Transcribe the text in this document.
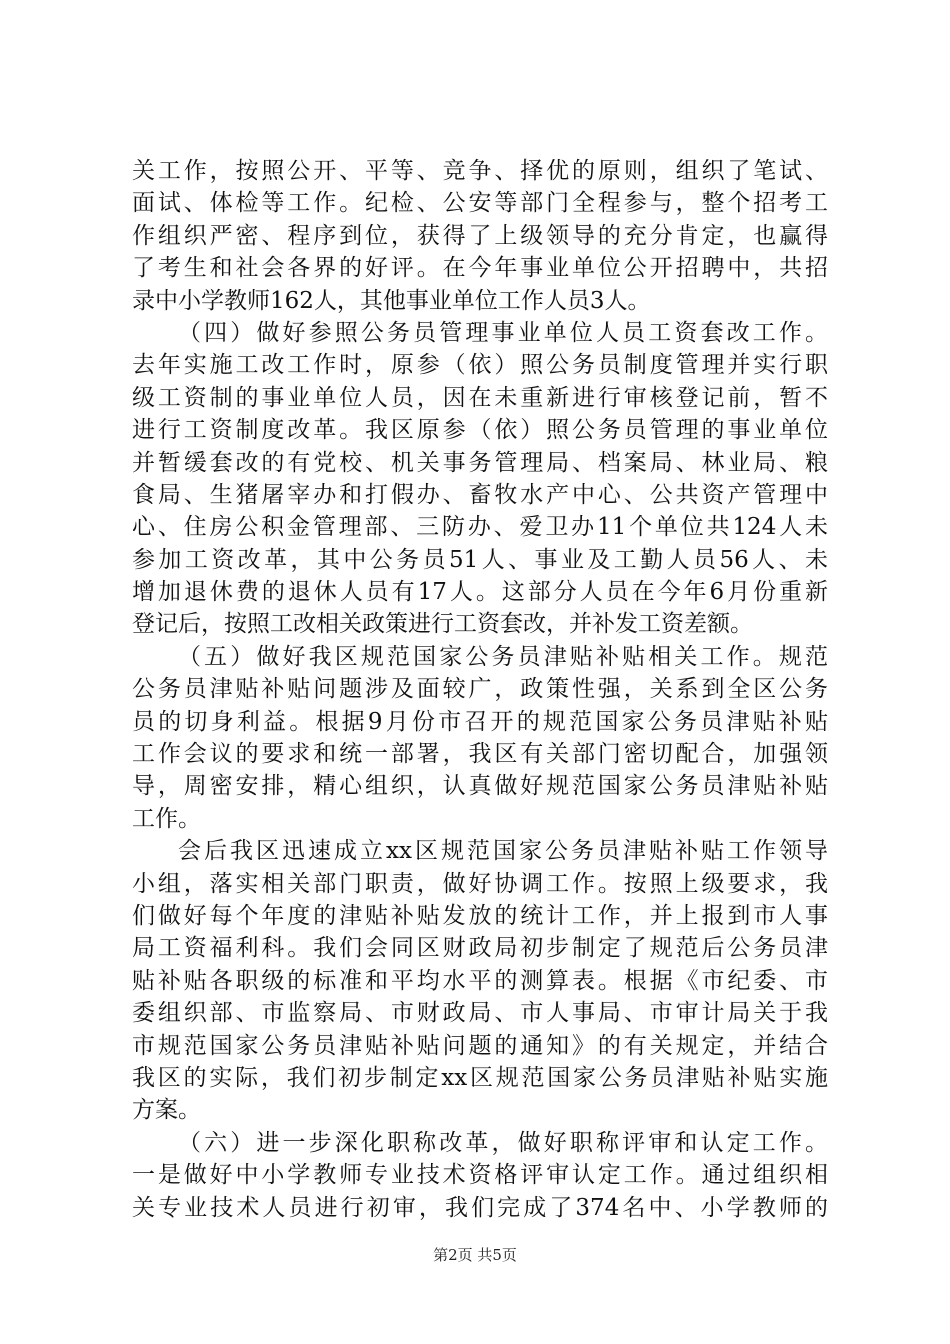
关工作，按照公开、平等、竞争、择优的原则，组织了笔试、
面试、体检等工作。纪检、公安等部门全程参与，整个招考工
作组织严密、程序到位，获得了上级领导的充分肯定，也赢得
了考生和社会各界的好评。在今年事业单位公开招聘中，共招
录中小学教师162人，其他事业单位工作人员3人。
（四）做好参照公务员管理事业单位人员工资套改工作。
去年实施工改工作时，原参（依）照公务员制度管理并实行职
级工资制的事业单位人员，因在未重新进行审核登记前，暂不
进行工资制度改革。我区原参（依）照公务员管理的事业单位
并暂缓套改的有党校、机关事务管理局、档案局、林业局、粮
食局、生猪屠宰办和打假办、畜牧水产中心、公共资产管理中
心、住房公积金管理部、三防办、爱卫办11个单位共124人未
参加工资改革，其中公务员51人、事业及工勤人员56人、未
增加退休费的退休人员有17人。这部分人员在今年6月份重新
登记后，按照工改相关政策进行工资套改，并补发工资差额。
（五）做好我区规范国家公务员津贴补贴相关工作。规范
公务员津贴补贴问题涉及面较广，政策性强，关系到全区公务
员的切身利益。根据9月份市召开的规范国家公务员津贴补贴
工作会议的要求和统一部署，我区有关部门密切配合，加强领
导，周密安排，精心组织，认真做好规范国家公务员津贴补贴
工作。
会后我区迅速成立xx区规范国家公务员津贴补贴工作领导
小组，落实相关部门职责，做好协调工作。按照上级要求，我
们做好每个年度的津贴补贴发放的统计工作，并上报到市人事
局工资福利科。我们会同区财政局初步制定了规范后公务员津
贴补贴各职级的标准和平均水平的测算表。根据《市纪委、市
委组织部、市监察局、市财政局、市人事局、市审计局关于我
市规范国家公务员津贴补贴问题的通知》的有关规定，并结合
我区的实际，我们初步制定xx区规范国家公务员津贴补贴实施
方案。
（六）进一步深化职称改革，做好职称评审和认定工作。
一是做好中小学教师专业技术资格评审认定工作。通过组织相
关专业技术人员进行初审，我们完成了374名中、小学教师的
第2页 共5页
